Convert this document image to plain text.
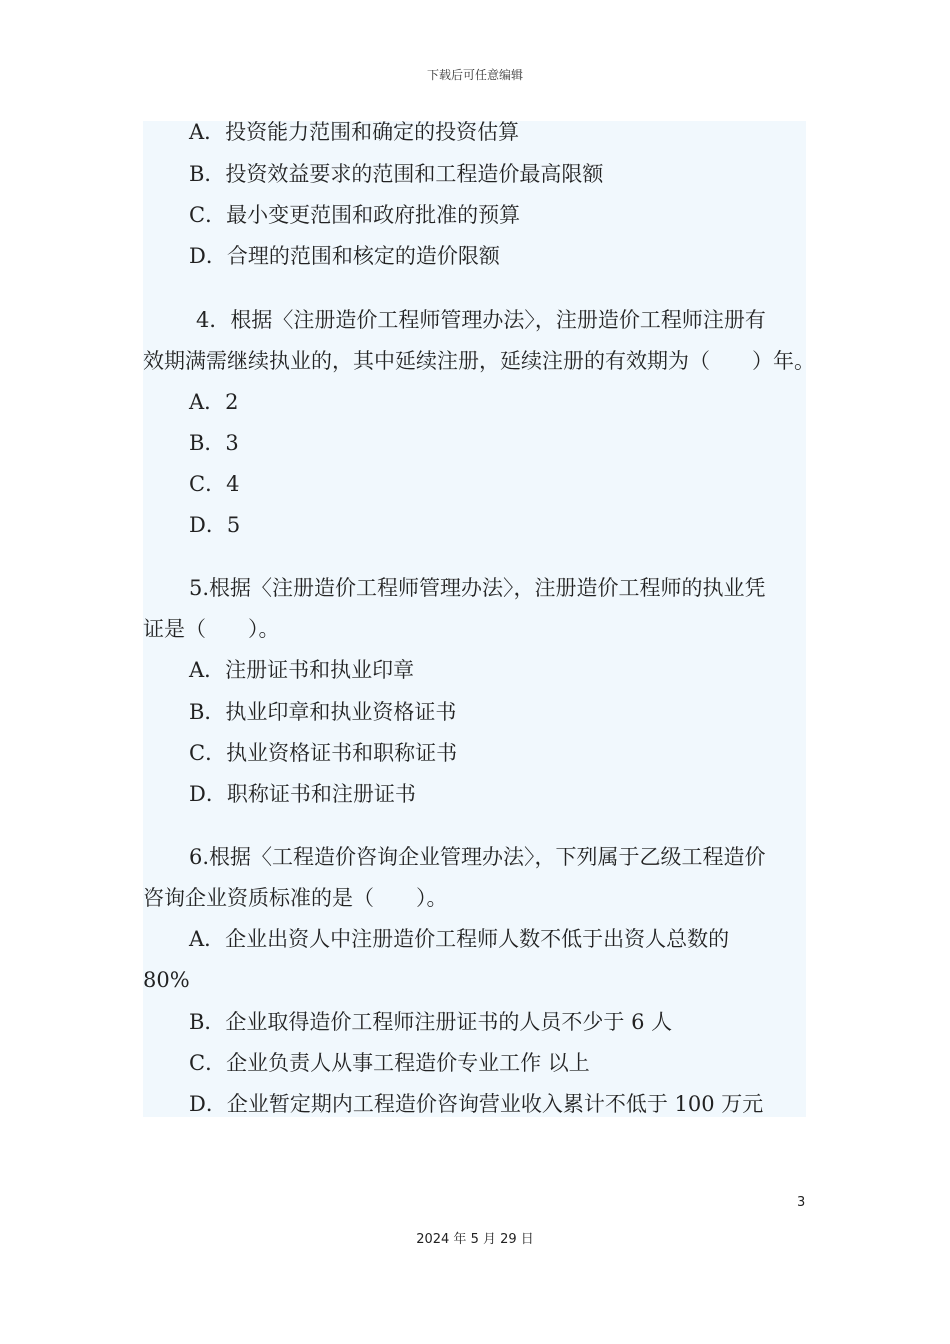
下载后可任意编辑
A．投资能力范围和确定的投资估算
B．投资效益要求的范围和工程造价最高限额
C．最小变更范围和政府批准的预算
D．合理的范围和核定的造价限额
4．根据〈注册造价工程师管理办法〉，注册造价工程师注册有
效期满需继续执业的，其中延续注册，延续注册的有效期为（　　）年。
A．2
B．3
C．4
D．5
5.根据〈注册造价工程师管理办法〉，注册造价工程师的执业凭
证是（　　）。
A．注册证书和执业印章
B．执业印章和执业资格证书
C．执业资格证书和职称证书
D．职称证书和注册证书
6.根据〈工程造价咨询企业管理办法〉，下列属于乙级工程造价
咨询企业资质标准的是（　　）。
A．企业出资人中注册造价工程师人数不低于出资人总数的
80%
B．企业取得造价工程师注册证书的人员不少于 6 人
C．企业负责人从事工程造价专业工作 以上
D．企业暂定期内工程造价咨询营业收入累计不低于 100 万元
3
2024 年 5 月 29 日
